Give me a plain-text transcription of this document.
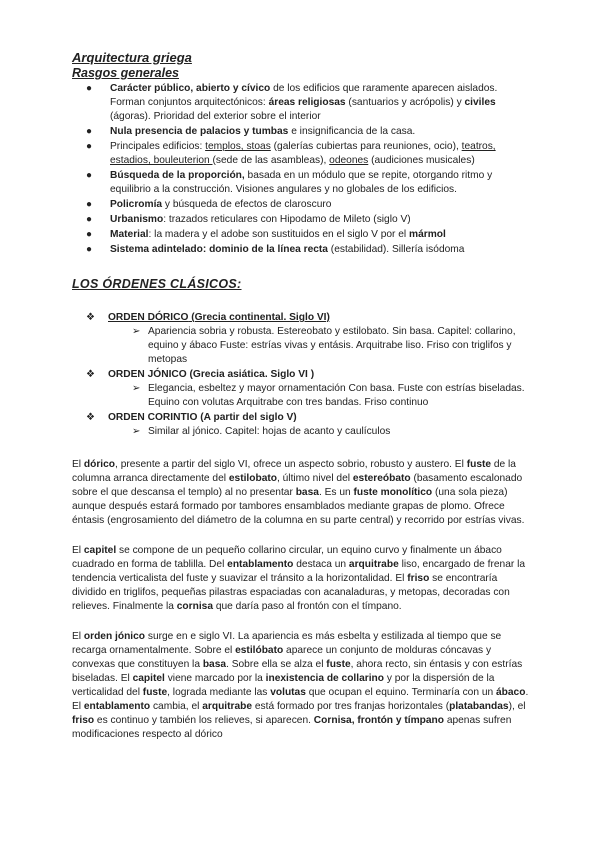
Arquitectura griega
Rasgos generales
● Carácter público, abierto y cívico de los edificios que raramente aparecen aislados. Forman conjuntos arquitectónicos: áreas religiosas (santuarios y acrópolis) y civiles (ágoras). Prioridad del exterior sobre el interior
● Nula presencia de palacios y tumbas e insignificancia de la casa.
● Principales edificios: templos, stoas (galerías cubiertas para reuniones, ocio), teatros, estadios, bouleuterion (sede de las asambleas), odeones (audiciones musicales)
● Búsqueda de la proporción, basada en un módulo que se repite, otorgando ritmo y equilibrio a la construcción. Visiones angulares y no globales de los edificios.
● Policromía y búsqueda de efectos de claroscuro
● Urbanismo: trazados reticulares con Hipodamo de Mileto (siglo V)
● Material: la madera y el adobe son sustituidos en el siglo V por el mármol
● Sistema adintelado: dominio de la línea recta (estabilidad). Sillería isódoma
LOS ÓRDENES CLÁSICOS:
❖ ORDEN DÓRICO (Grecia continental. Siglo VI)
➢ Apariencia sobria y robusta. Estereobato y estilobato. Sin basa. Capitel: collarino, equino y ábaco Fuste: estrías vivas y entásis. Arquitrabe liso. Friso con triglifos y metopas
❖ ORDEN JÓNICO (Grecia asiática. Siglo VI )
➢ Elegancia, esbeltez y mayor ornamentación Con basa. Fuste con estrías biseladas. Equino con volutas Arquitrabe con tres bandas. Friso continuo
❖ ORDEN CORINTIO (A partir del siglo V)
➢ Similar al jónico. Capitel: hojas de acanto y caulículos

El dórico, presente a partir del siglo VI, ofrece un aspecto sobrio, robusto y austero. El fuste de la columna arranca directamente del estilobato, último nivel del estereóbato (basamento escalonado sobre el que descansa el templo) al no presentar basa. Es un fuste monolítico (una sola pieza) aunque después estará formado por tambores ensamblados mediante grapas de plomo. Ofrece éntasis (engrosamiento del diámetro de la columna en su parte central) y recorrido por estrías vivas.

El capitel se compone de un pequeño collarino circular, un equino curvo y finalmente un ábaco cuadrado en forma de tablilla. Del entablamento destaca un arquitrabe liso, encargado de frenar la tendencia verticalista del fuste y suavizar el tránsito a la horizontalidad. El friso se encontraría dividido en triglifos, pequeñas pilastras espaciadas con acanaladuras, y metopas, decoradas con relieves. Finalmente la cornisa que daría paso al frontón con el tímpano.

El orden jónico surge en e siglo VI. La apariencia es más esbelta y estilizada al tiempo que se recarga ornamentalmente. Sobre el estilóbato aparece un conjunto de molduras cóncavas y convexas que constituyen la basa. Sobre ella se alza el fuste, ahora recto, sin éntasis y con estrías biseladas. El capitel viene marcado por la inexistencia de collarino y por la dispersión de la verticalidad del fuste, lograda mediante las volutas que ocupan el equino. Terminaría con un ábaco. El entablamento cambia, el arquitrabe está formado por tres franjas horizontales (platabandas), el friso es continuo y también los relieves, si aparecen. Cornisa, frontón y tímpano apenas sufren modificaciones respecto al dórico
